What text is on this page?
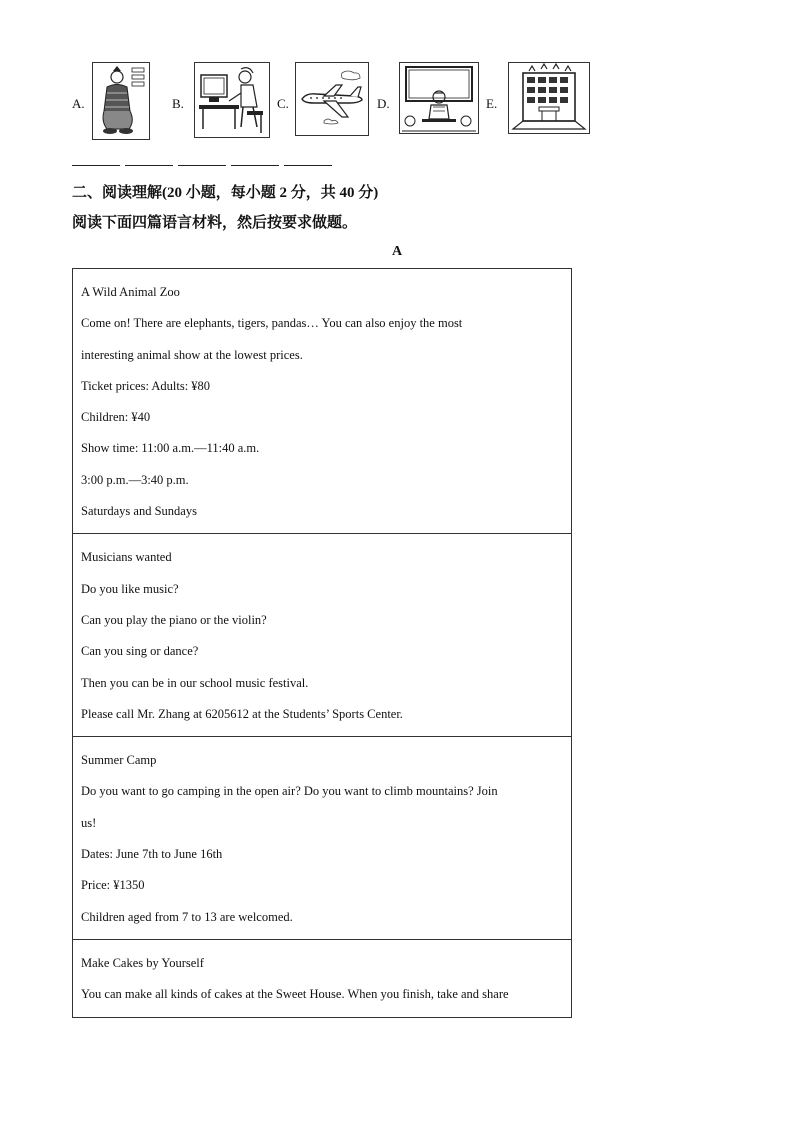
A.	B.	C.	D.	E.
二、阅读理解(20 小题，每小题 2 分，共 40 分)
阅读下面四篇语言材料，然后按要求做题。
A
A Wild Animal Zoo
Come on! There are elephants, tigers, pandas… You can also enjoy the most
interesting animal show at the lowest prices.
Ticket prices: Adults: ¥80
Children: ¥40
Show time: 11:00 a.m.—11:40 a.m.
3:00 p.m.—3:40 p.m.
Saturdays and Sundays
Musicians wanted
Do you like music?
Can you play the piano or the violin?
Can you sing or dance?
Then you can be in our school music festival.
Please call Mr. Zhang at 6205612 at the Students’ Sports Center.
Summer Camp
Do you want to go camping in the open air? Do you want to climb mountains? Join
us!
Dates: June 7th to June 16th
Price: ¥1350
Children aged from 7 to 13 are welcomed.
Make Cakes by Yourself
You can make all kinds of cakes at the Sweet House. When you finish, take and share
